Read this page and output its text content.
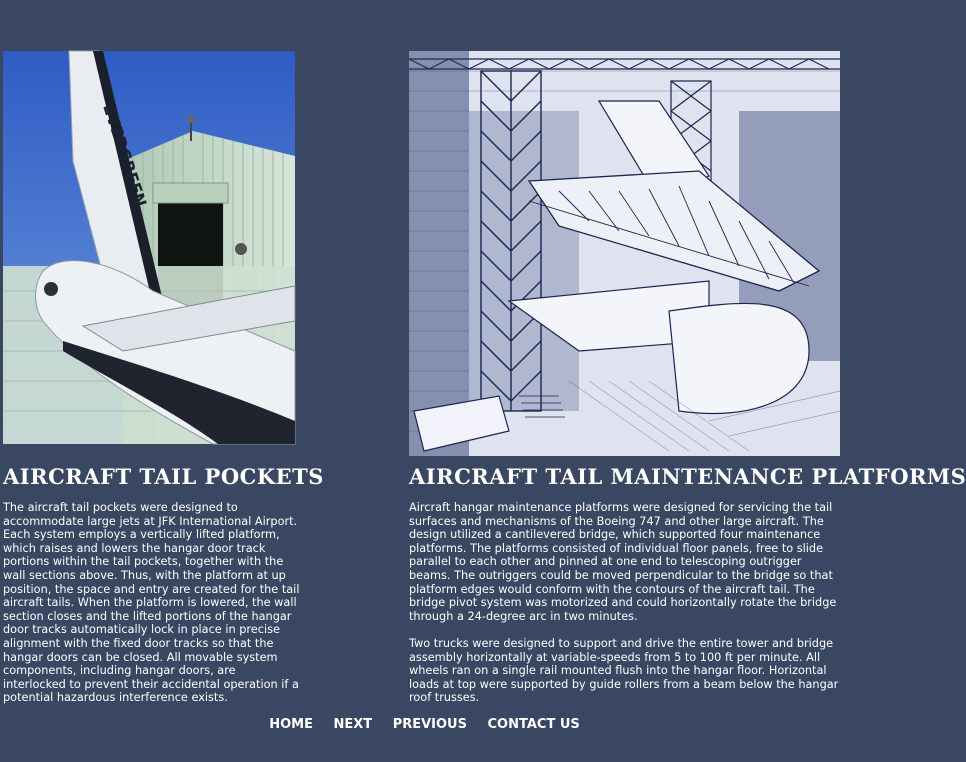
EVERGREEN
AIRCRAFT TAIL POCKETS	AIRCRAFT TAIL MAINTENANCE PLATFORMS

The aircraft tail pockets were designed to accommodate large jets at JFK International Airport. Each system employs a vertically lifted platform, which raises and lowers the hangar door track portions within the tail pockets, together with the wall sections above. Thus, with the platform at up position, the space and entry are created for the tail aircraft tails. When the platform is lowered, the wall section closes and the lifted portions of the hangar door tracks automatically lock in place in precise alignment with the fixed door tracks so that the hangar doors can be closed. All movable system components, including hangar doors, are interlocked to prevent their accidental operation if a potential hazardous interference exists.

Aircraft hangar maintenance platforms were designed for servicing the tail surfaces and mechanisms of the Boeing 747 and other large aircraft. The design utilized a cantilevered bridge, which supported four maintenance platforms. The platforms consisted of individual floor panels, free to slide parallel to each other and pinned at one end to telescoping outrigger beams. The outriggers could be moved perpendicular to the bridge so that platform edges would conform with the contours of the aircraft tail. The bridge pivot system was motorized and could horizontally rotate the bridge through a 24-degree arc in two minutes.

Two trucks were designed to support and drive the entire tower and bridge assembly horizontally at variable-speeds from 5 to 100 ft per minute. All wheels ran on a single rail mounted flush into the hangar floor. Horizontal loads at top were supported by guide rollers from a beam below the hangar roof trusses.

HOME NEXT PREVIOUS CONTACT US
